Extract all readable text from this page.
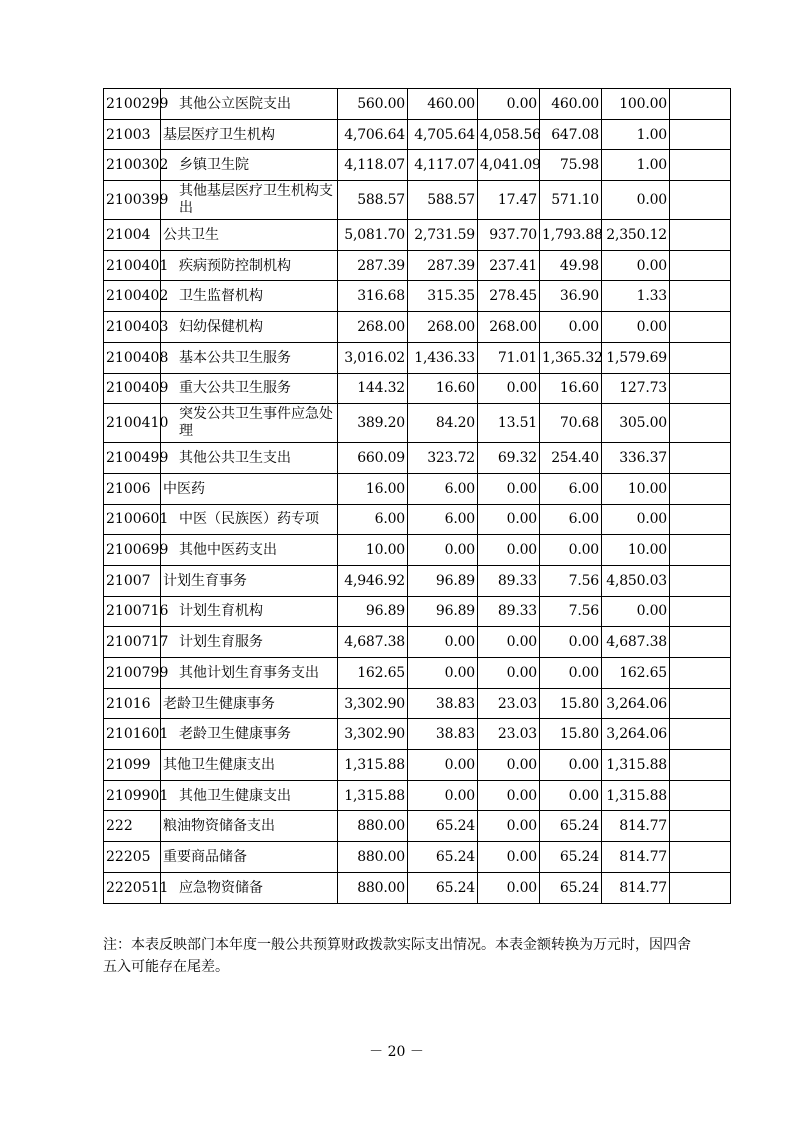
2100299	其他公立医院支出	560.00	460.00	0.00	460.00	100.00	
21003	基层医疗卫生机构	4,706.64	4,705.64	4,058.56	647.08	1.00	
2100302	乡镇卫生院	4,118.07	4,117.07	4,041.09	75.98	1.00	
2100399	其他基层医疗卫生机构支出	588.57	588.57	17.47	571.10	0.00	
21004	公共卫生	5,081.70	2,731.59	937.70	1,793.88	2,350.12	
2100401	疾病预防控制机构	287.39	287.39	237.41	49.98	0.00	
2100402	卫生监督机构	316.68	315.35	278.45	36.90	1.33	
2100403	妇幼保健机构	268.00	268.00	268.00	0.00	0.00	
2100408	基本公共卫生服务	3,016.02	1,436.33	71.01	1,365.32	1,579.69	
2100409	重大公共卫生服务	144.32	16.60	0.00	16.60	127.73	
2100410	突发公共卫生事件应急处理	389.20	84.20	13.51	70.68	305.00	
2100499	其他公共卫生支出	660.09	323.72	69.32	254.40	336.37	
21006	中医药	16.00	6.00	0.00	6.00	10.00	
2100601	中医（民族医）药专项	6.00	6.00	0.00	6.00	0.00	
2100699	其他中医药支出	10.00	0.00	0.00	0.00	10.00	
21007	计划生育事务	4,946.92	96.89	89.33	7.56	4,850.03	
2100716	计划生育机构	96.89	96.89	89.33	7.56	0.00	
2100717	计划生育服务	4,687.38	0.00	0.00	0.00	4,687.38	
2100799	其他计划生育事务支出	162.65	0.00	0.00	0.00	162.65	
21016	老龄卫生健康事务	3,302.90	38.83	23.03	15.80	3,264.06	
2101601	老龄卫生健康事务	3,302.90	38.83	23.03	15.80	3,264.06	
21099	其他卫生健康支出	1,315.88	0.00	0.00	0.00	1,315.88	
2109901	其他卫生健康支出	1,315.88	0.00	0.00	0.00	1,315.88	
222	粮油物资储备支出	880.00	65.24	0.00	65.24	814.77	
22205	重要商品储备	880.00	65.24	0.00	65.24	814.77	
2220511	应急物资储备	880.00	65.24	0.00	65.24	814.77	
注：本表反映部门本年度一般公共预算财政拨款实际支出情况。本表金额转换为万元时，因四舍五入可能存在尾差。
－ 20 －
